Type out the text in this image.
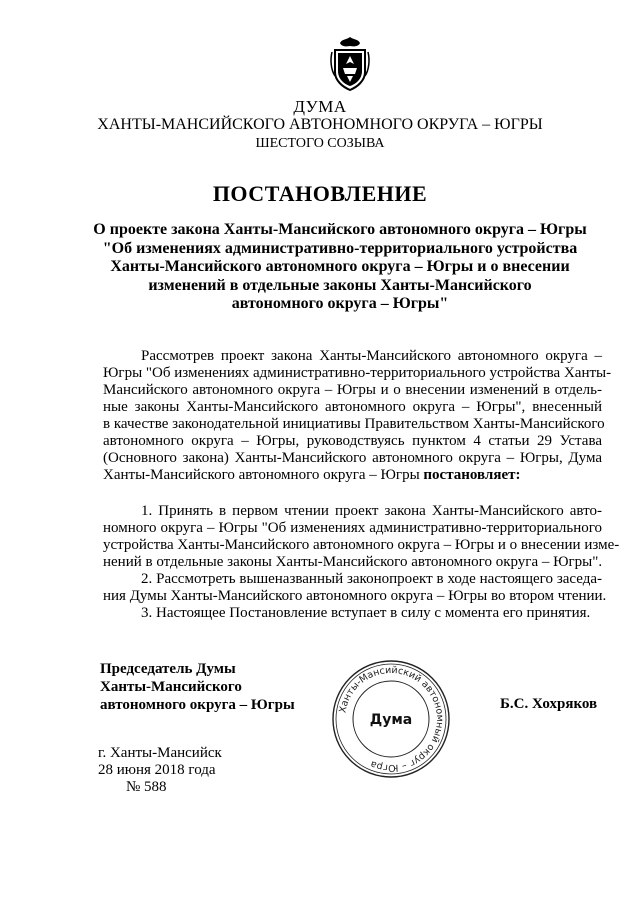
ДУМА
ХАНТЫ-МАНСИЙСКОГО АВТОНОМНОГО ОКРУГА – ЮГРЫ
ШЕСТОГО СОЗЫВА
ПОСТАНОВЛЕНИЕ
О проекте закона Ханты-Мансийского автономного округа – Югры
"Об изменениях административно-территориального устройства
Ханты-Мансийского автономного округа – Югры и о внесении
изменений в отдельные законы Ханты-Мансийского
автономного округа – Югры"
Рассмотрев проект закона Ханты-Мансийского автономного округа –
Югры "Об изменениях административно-территориального устройства Ханты-
Мансийского автономного округа – Югры и о внесении изменений в отдель-
ные законы Ханты-Мансийского автономного округа – Югры", внесенный
в качестве законодательной инициативы Правительством Ханты-Мансийского
автономного округа – Югры, руководствуясь пунктом 4 статьи 29 Устава
(Основного закона) Ханты-Мансийского автономного округа – Югры, Дума
Ханты-Мансийского автономного округа – Югры постановляет:
1. Принять в первом чтении проект закона Ханты-Мансийского авто-
номного округа – Югры "Об изменениях административно-территориального
устройства Ханты-Мансийского автономного округа – Югры и о внесении изме-
нений в отдельные законы Ханты-Мансийского автономного округа – Югры".
2. Рассмотреть вышеназванный законопроект в ходе настоящего заседа-
ния Думы Ханты-Мансийского автономного округа – Югры во втором чтении.
3. Настоящее Постановление вступает в силу с момента его принятия.
Председатель Думы
Ханты-Мансийского
автономного округа – Югры	Ханты-Мансийский автономный округ – Югра
Дума
Б.С. Хохряков
г. Ханты-Мансийск
28 июня 2018 года
№ 588
